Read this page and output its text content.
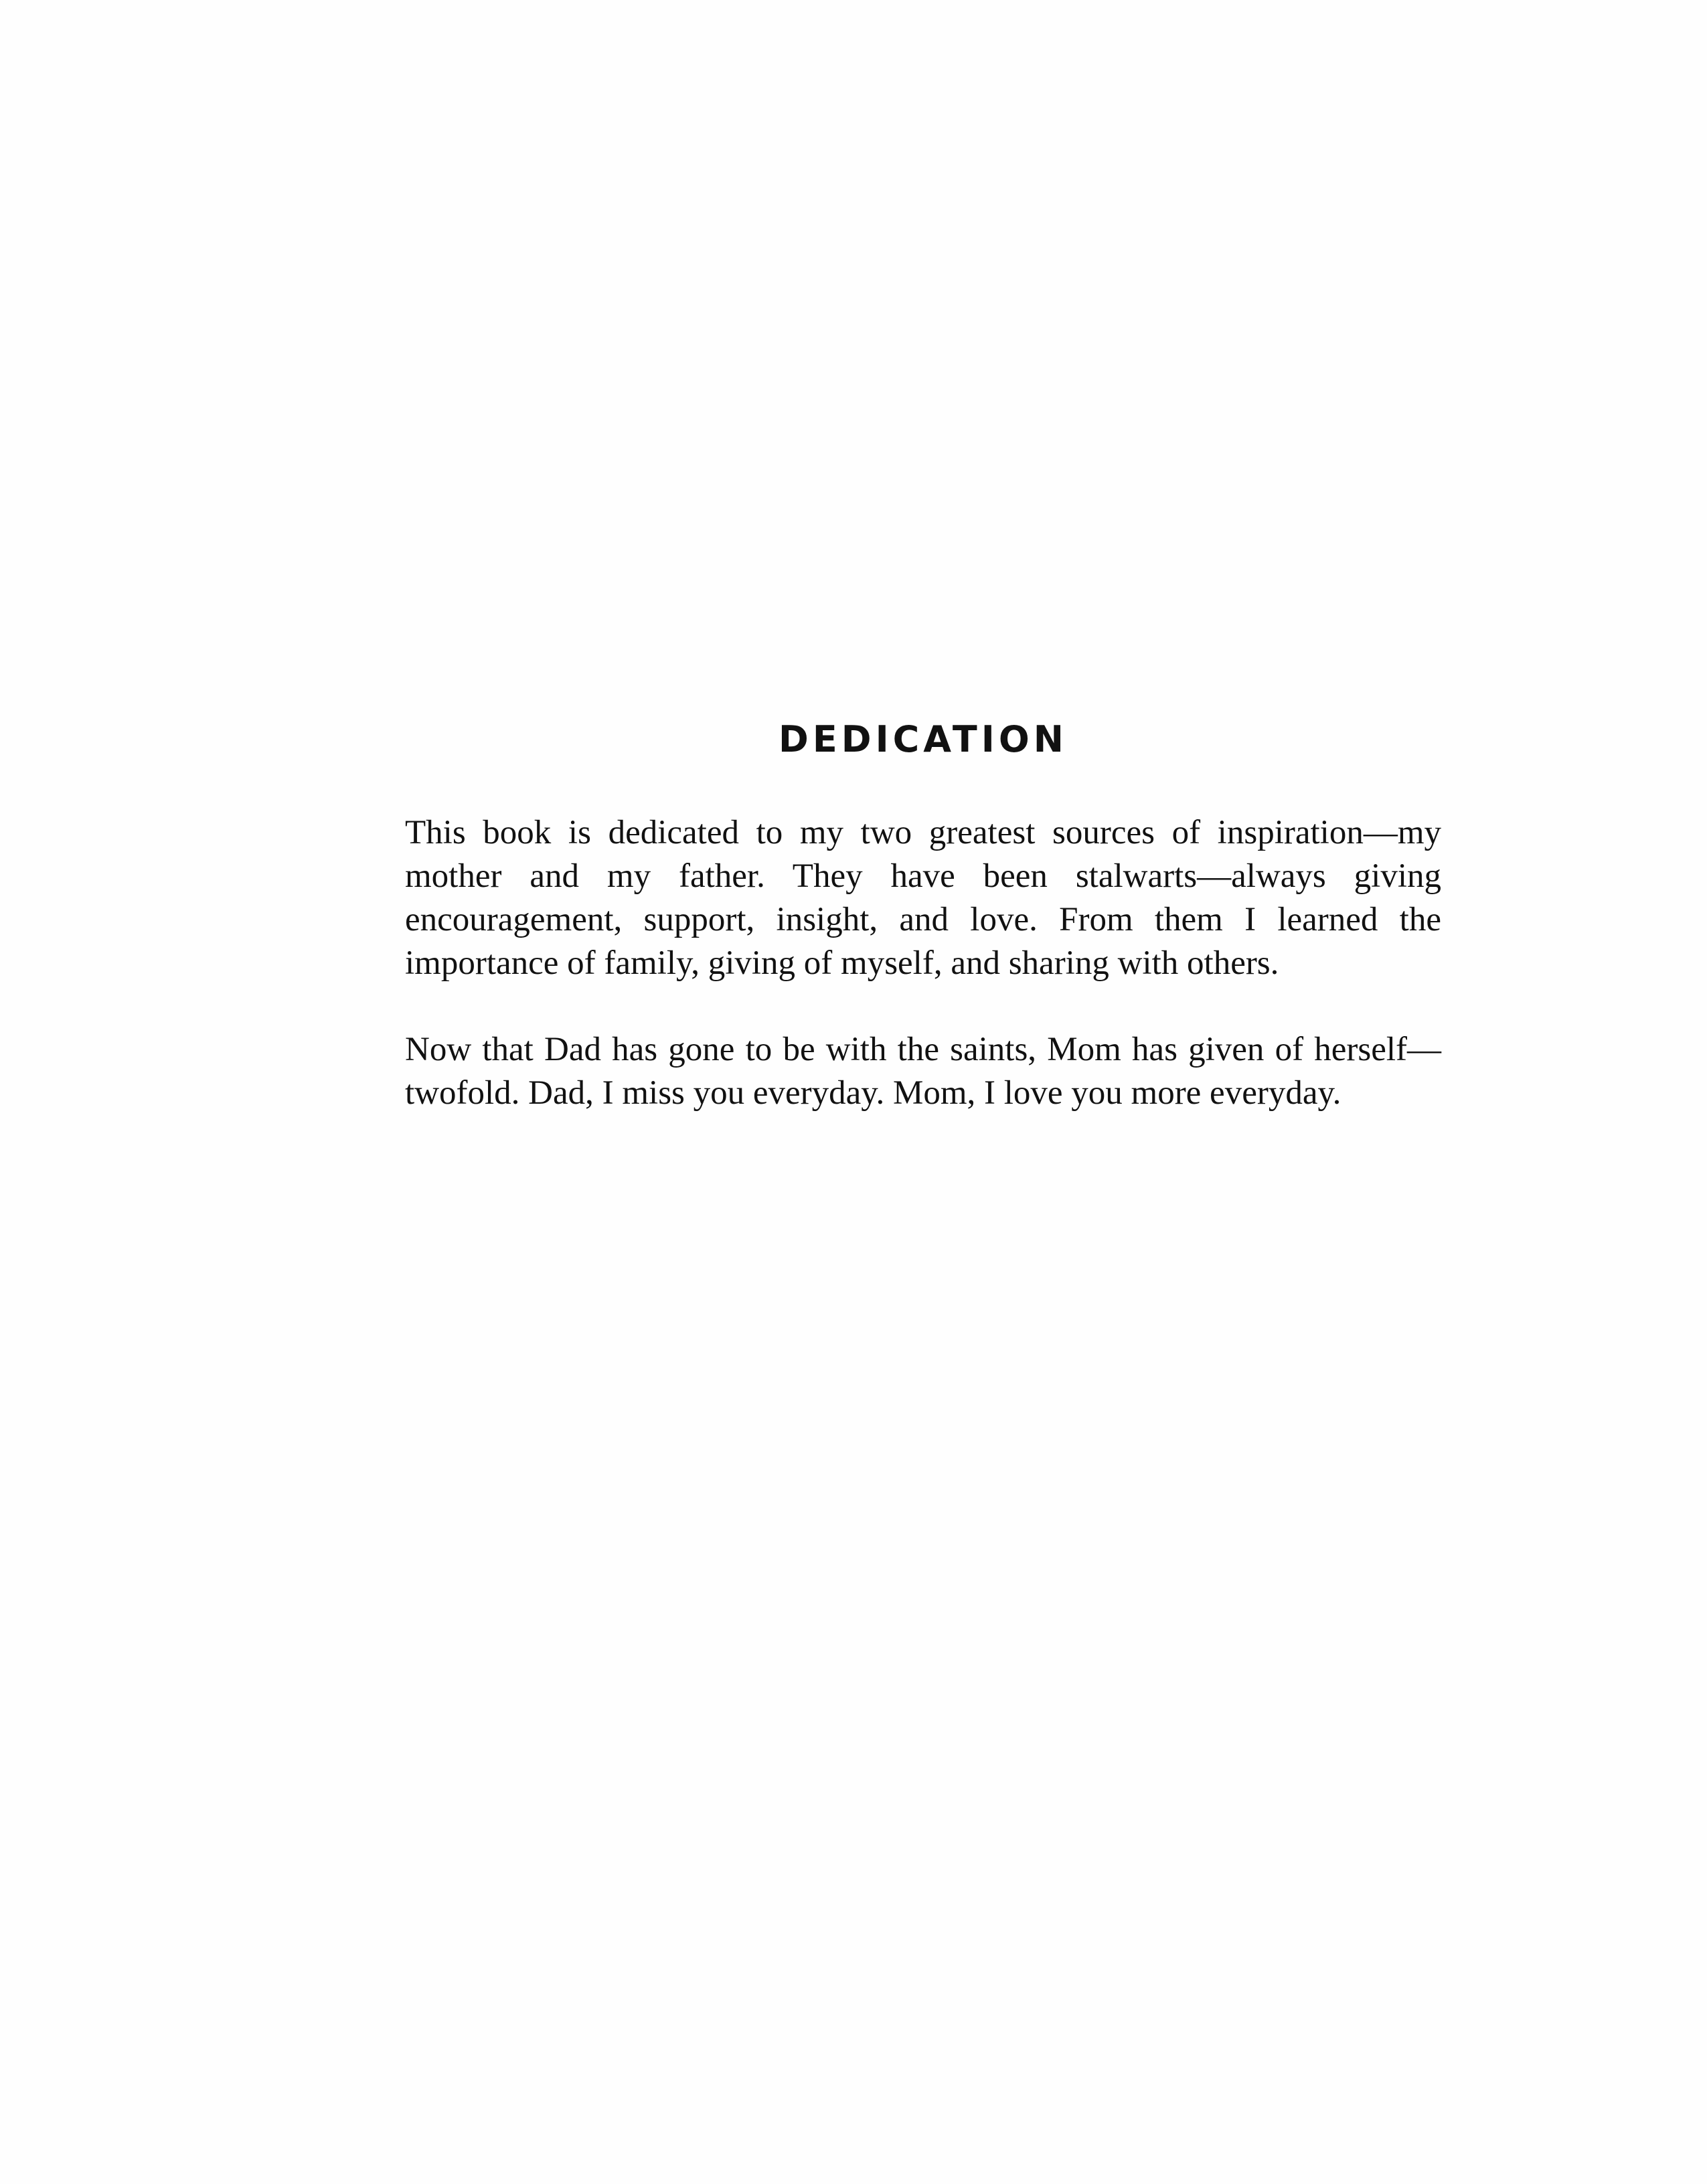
DEDICATION

This book is dedicated to my two greatest sources of inspiration—my mother and my father. They have been stalwarts—always giving encouragement, support, insight, and love. From them I learned the importance of family, giving of myself, and sharing with others.

Now that Dad has gone to be with the saints, Mom has given of herself—twofold. Dad, I miss you everyday. Mom, I love you more everyday.
